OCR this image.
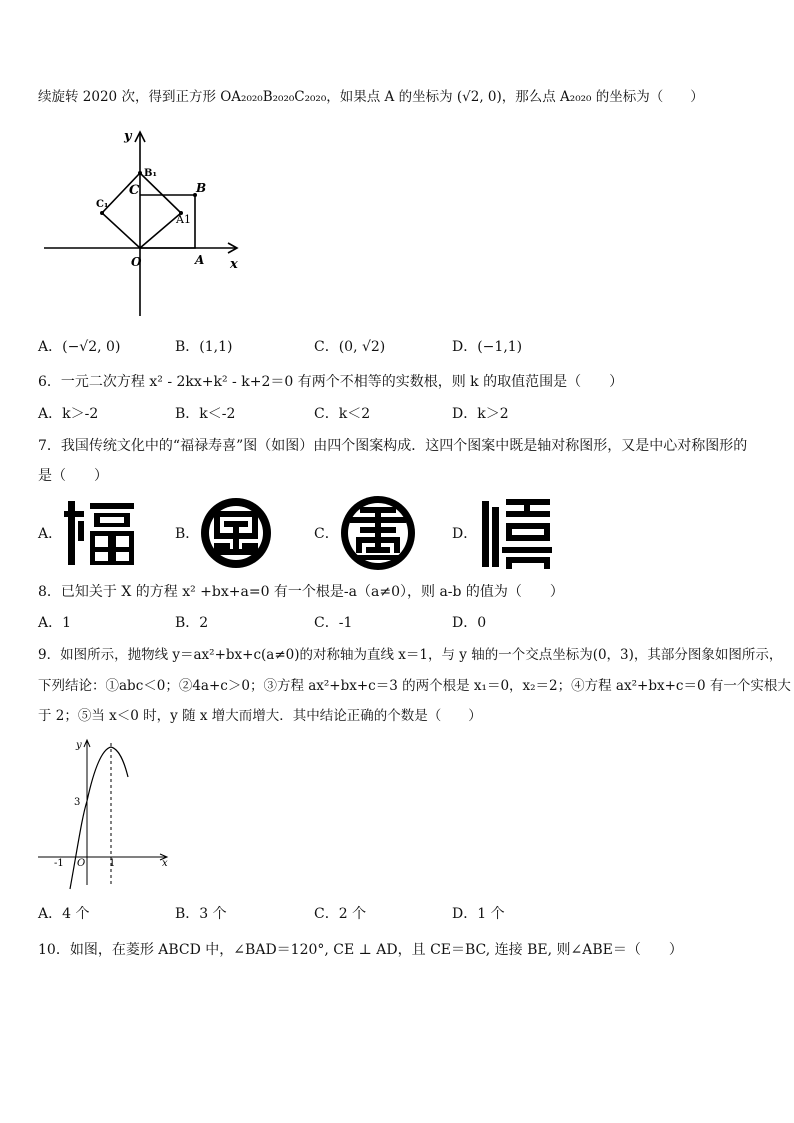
续旋转 2020 次，得到正方形 OA₂₀₂₀B₂₀₂₀C₂₀₂₀，如果点 A 的坐标为 (√2, 0)，那么点 A₂₀₂₀ 的坐标为（　　）
y
x
O	A
B
C
B₁
C₁
A1
A．(−√2, 0)	B．(1,1)	C．(0, √2)	D．(−1,1)
6．一元二次方程 x² - 2kx+k² - k+2＝0 有两个不相等的实数根，则 k 的取值范围是（　　）
A．k＞-2	B．k＜-2	C．k＜2	D．k＞2
7．我国传统文化中的“福禄寿喜”图（如图）由四个图案构成．这四个图案中既是轴对称图形，又是中心对称图形的
是（　　）
A．	B．	C．	D．
8．已知关于 X 的方程 x² +bx+a=0 有一个根是-a（a≠0），则 a-b 的值为（　　）
A．1	B．2	C．-1	D．0
9．如图所示，抛物线 y＝ax²+bx+c(a≠0)的对称轴为直线 x＝1，与 y 轴的一个交点坐标为(0，3)，其部分图象如图所示，
下列结论：①abc＜0；②4a+c＞0；③方程 ax²+bx+c＝3 的两个根是 x₁＝0，x₂＝2；④方程 ax²+bx+c＝0 有一个实根大
于 2；⑤当 x＜0 时，y 随 x 增大而增大．其中结论正确的个数是（　　）
y
x
O
3
-1	1
A．4 个	B．3 个	C．2 个	D．1 个
10．如图，在菱形 ABCD 中，∠BAD＝120°, CE ⊥ AD，且 CE＝BC, 连接 BE, 则∠ABE＝（　　）
